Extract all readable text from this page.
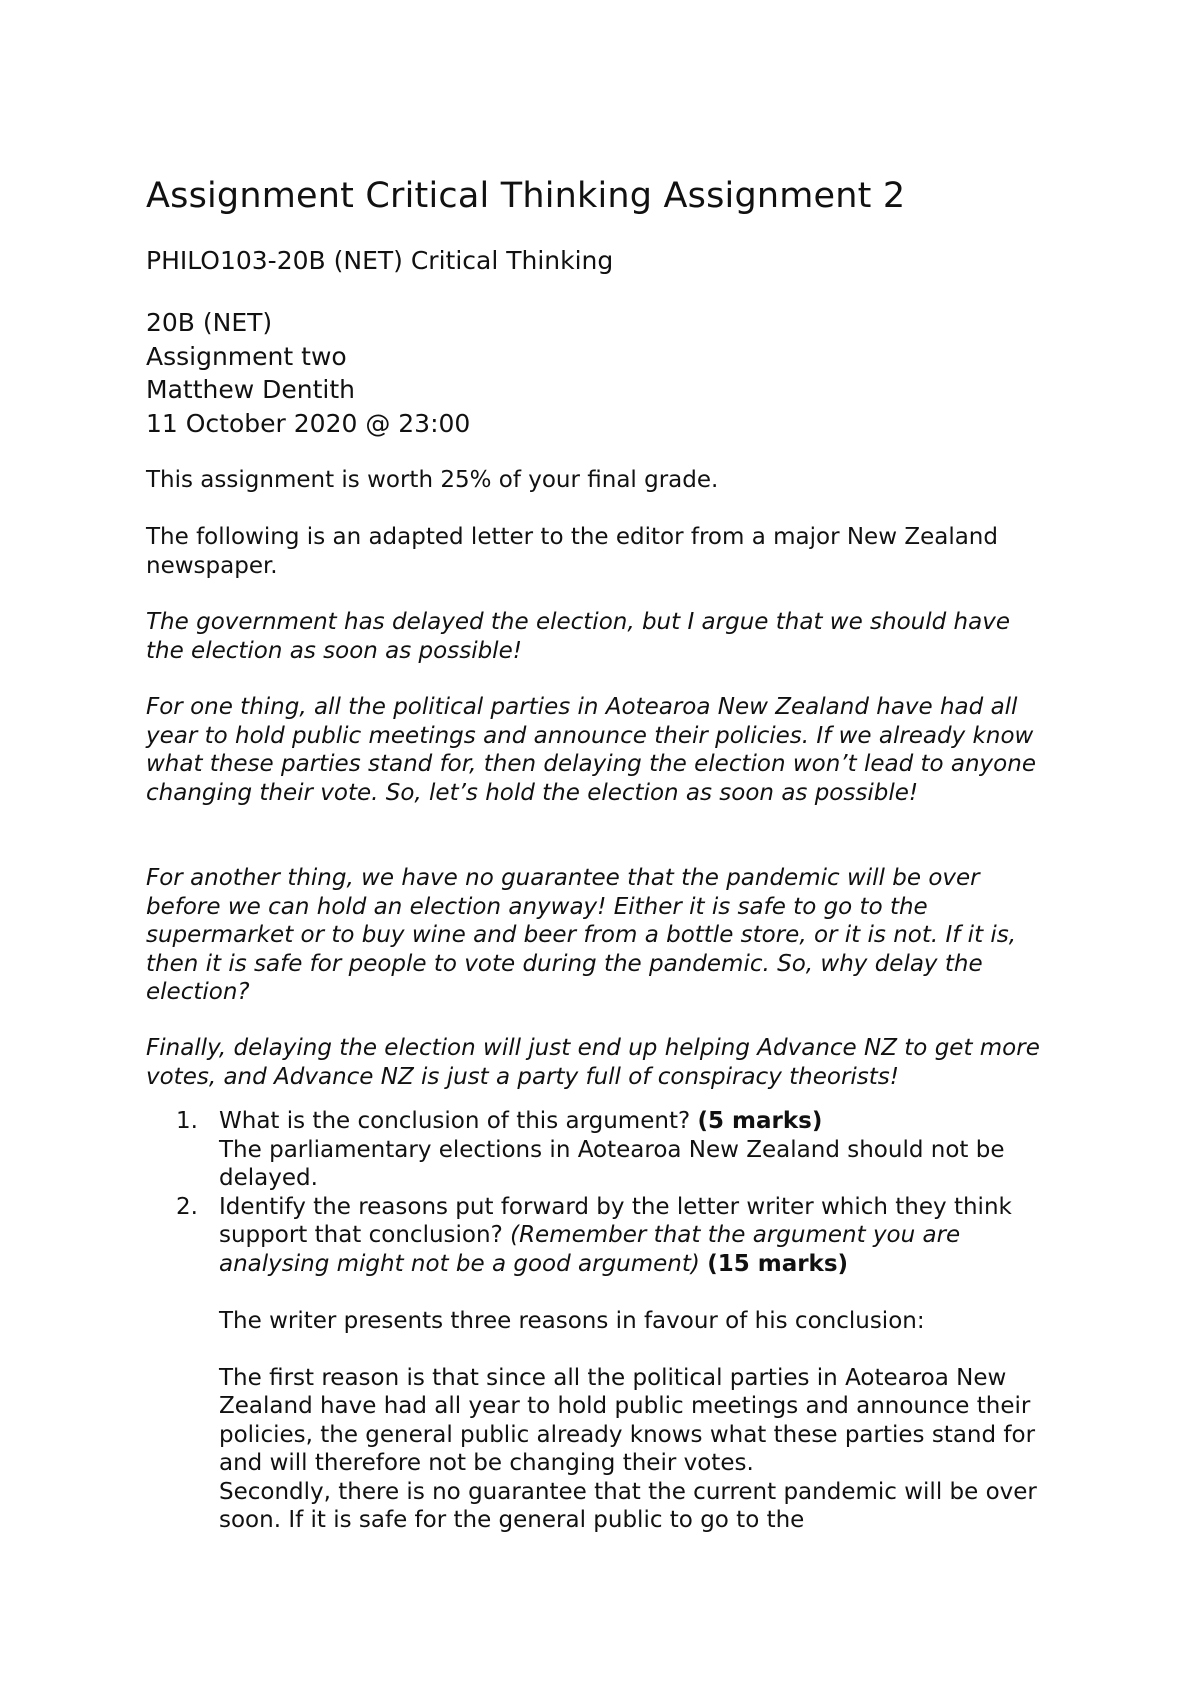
Assignment Critical Thinking Assignment 2
PHILO103-20B (NET) Critical Thinking
20B (NET)
Assignment two
Matthew Dentith
11 October 2020 @ 23:00
This assignment is worth 25% of your final grade.
The following is an adapted letter to the editor from a major New Zealand newspaper.
The government has delayed the election, but I argue that we should have the election as soon as possible!
For one thing, all the political parties in Aotearoa New Zealand have had all year to hold public meetings and announce their policies. If we already know what these parties stand for, then delaying the election won’t lead to anyone changing their vote. So, let’s hold the election as soon as possible!
For another thing, we have no guarantee that the pandemic will be over before we can hold an election anyway! Either it is safe to go to the supermarket or to buy wine and beer from a bottle store, or it is not. If it is, then it is safe for people to vote during the pandemic. So, why delay the election?
Finally, delaying the election will just end up helping Advance NZ to get more votes, and Advance NZ is just a party full of conspiracy theorists!
1. What is the conclusion of this argument? (5 marks)
The parliamentary elections in Aotearoa New Zealand should not be delayed.
2. Identify the reasons put forward by the letter writer which they think support that conclusion? (Remember that the argument you are analysing might not be a good argument) (15 marks)
The writer presents three reasons in favour of his conclusion:
The first reason is that since all the political parties in Aotearoa New Zealand have had all year to hold public meetings and announce their policies, the general public already knows what these parties stand for and will therefore not be changing their votes.
Secondly, there is no guarantee that the current pandemic will be over soon. If it is safe for the general public to go to the
